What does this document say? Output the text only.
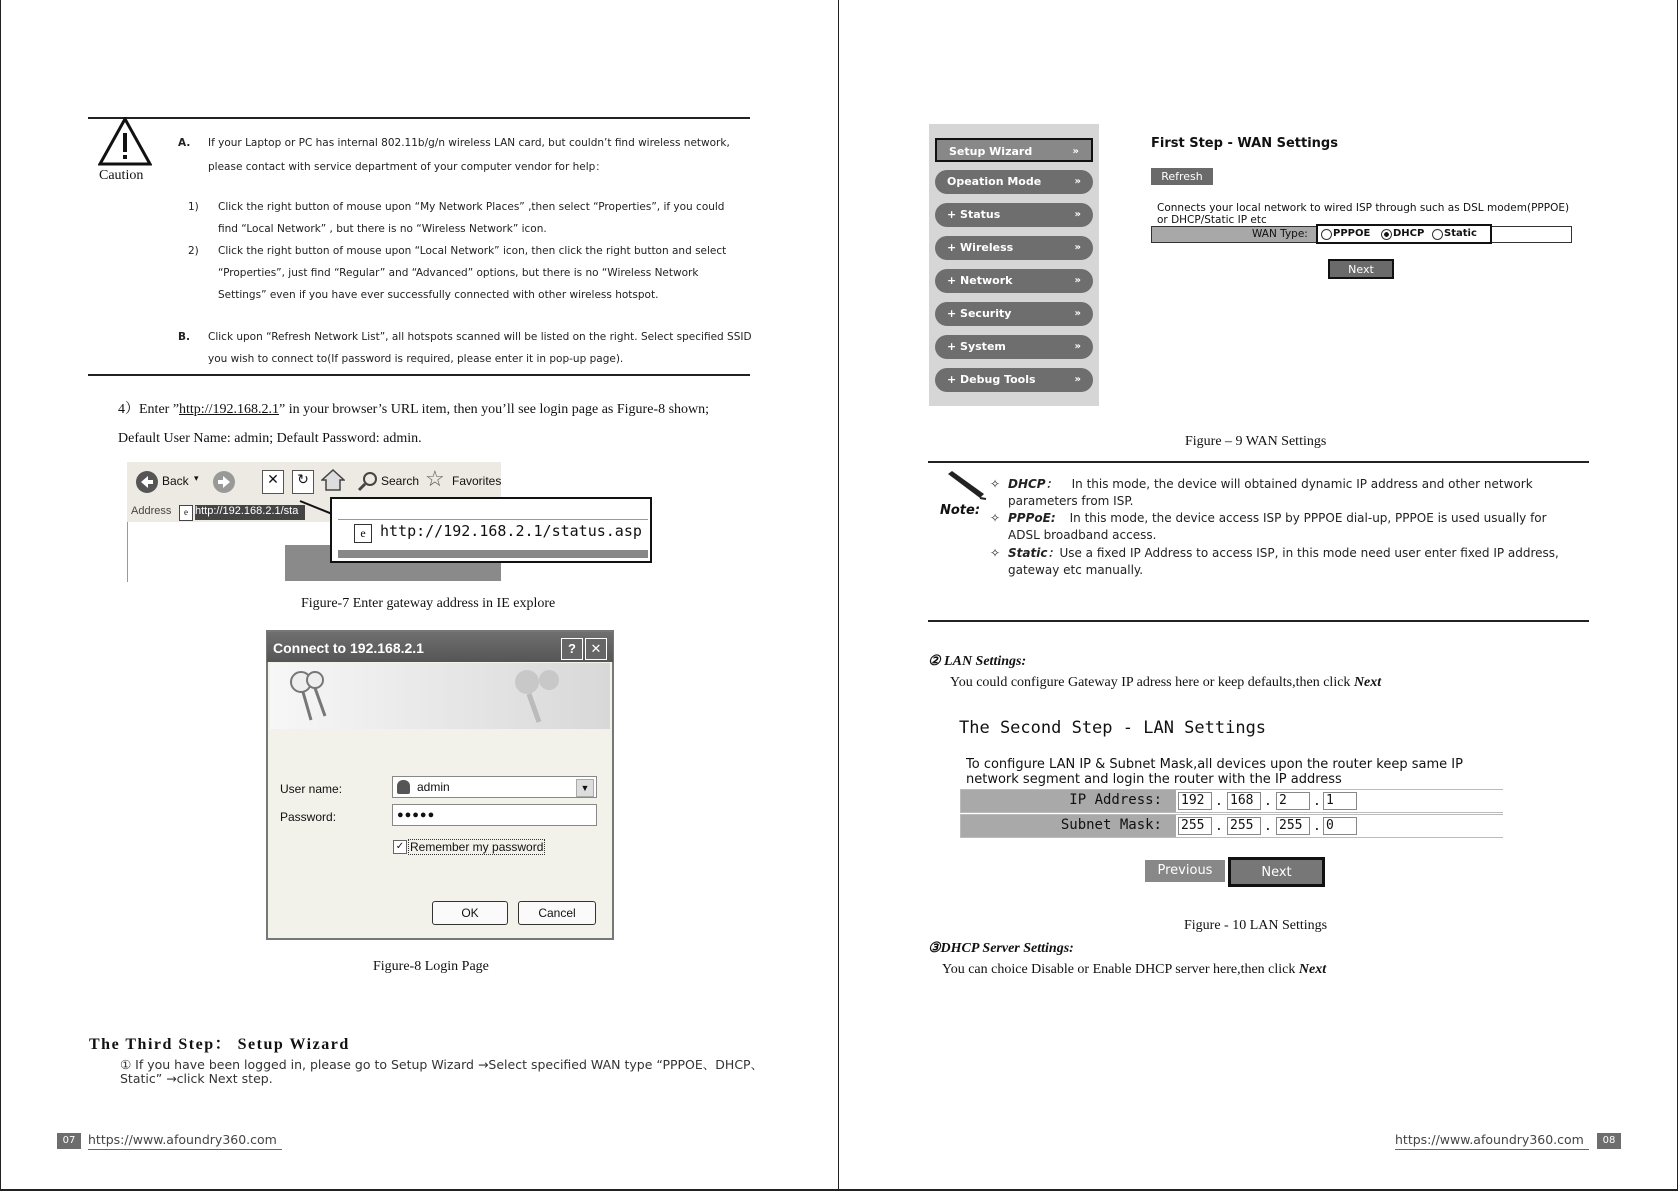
Caution
A. If your Laptop or PC has internal 802.11b/g/n wireless LAN card, but couldn’t find wireless network,
please contact with service department of your computer vendor for help：
1) Click the right button of mouse upon “My Network Places” ,then select “Properties”, if you could
find “Local Network” , but there is no “Wireless Network” icon.
2) Click the right button of mouse upon “Local Network” icon, then click the right button and select
“Properties”, just find “Regular” and “Advanced” options, but there is no “Wireless Network
Settings” even if you have ever successfully connected with other wireless hotspot.
B. Click upon “Refresh Network List”, all hotspots scanned will be listed on the right. Select specified SSID
you wish to connect to(If password is required, please enter it in pop-up page).
4）Enter ”http://192.168.2.1” in your browser’s URL item, then you’ll see login page as Figure-8 shown;
Default User Name: admin; Default Password: admin.
Back ▾	✕	↻	Search ☆ Favorites
Address	e http://192.168.2.1/sta
e http://192.168.2.1/status.asp
Figure-7 Enter gateway address in IE explore
Connect to 192.168.2.1	?	✕
User name:	admin	▼
Password:	●●●●●
✓ Remember my password
OK	Cancel
Figure-8 Login Page
The Third Step： Setup Wizard
① If you have been logged in, please go to Setup Wizard →Select specified WAN type “PPPOE、DHCP、
Static” →click Next step.
07	https://www.afoundry360.com
Setup Wizard	»
Opeation Mode	»
+ Status	»
+ Wireless	»
+ Network	»
+ Security	»
+ System	»
+ Debug Tools	»
First Step - WAN Settings
Refresh
Connects your local network to wired ISP through such as DSL modem(PPPOE)
or DHCP/Static IP etc
WAN Type:	PPPOE DHCP Static
Next
Figure – 9 WAN Settings
Note:
✧ DHCP： In this mode, the device will obtained dynamic IP address and other network parameters from ISP.
✧ PPPoE: In this mode, the device access ISP by PPPOE dial-up, PPPOE is used usually for ADSL broadband access.
✧ Static：Use a fixed IP Address to access ISP, in this mode need user enter fixed IP address, gateway etc manually.
② LAN Settings:
You could configure Gateway IP adress here or keep defaults,then click Next
The Second Step - LAN Settings
To configure LAN IP & Subnet Mask,all devices upon the router keep same IP
network segment and login the router with the IP address
IP Address: 192 . 168 . 2	. 1
Subnet Mask: 255 . 255 . 255 . 0
Previous	Next
Figure - 10 LAN Settings
③DHCP Server Settings:
You can choice Disable or Enable DHCP server here,then click Next
https://www.afoundry360.com	08
